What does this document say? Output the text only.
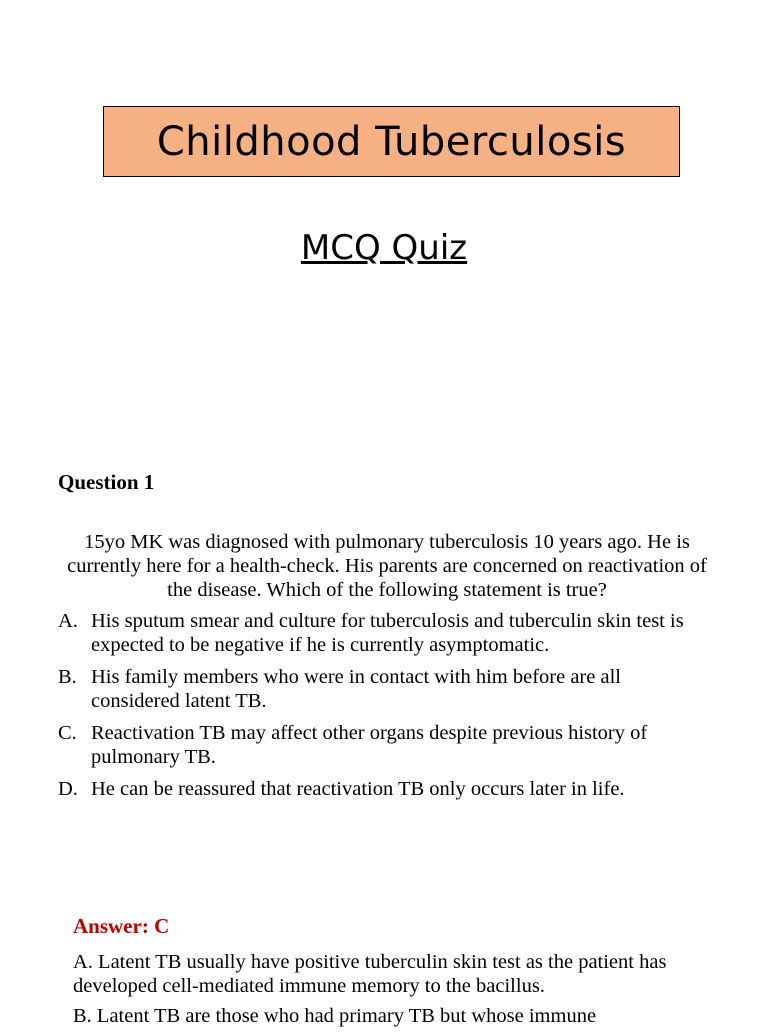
Childhood Tuberculosis
MCQ Quiz
Question 1
15yo MK was diagnosed with pulmonary tuberculosis 10 years ago. He is currently here for a health-check. His parents are concerned on reactivation of the disease. Which of the following statement is true?
A. His sputum smear and culture for tuberculosis and tuberculin skin test is expected to be negative if he is currently asymptomatic.
B. His family members who were in contact with him before are all considered latent TB.
C. Reactivation TB may affect other organs despite previous history of pulmonary TB.
D. He can be reassured that reactivation TB only occurs later in life.
Answer: C

A. Latent TB usually have positive tuberculin skin test as the patient has developed cell-mediated immune memory to the bacillus.

B. Latent TB are those who had primary TB but whose immune
